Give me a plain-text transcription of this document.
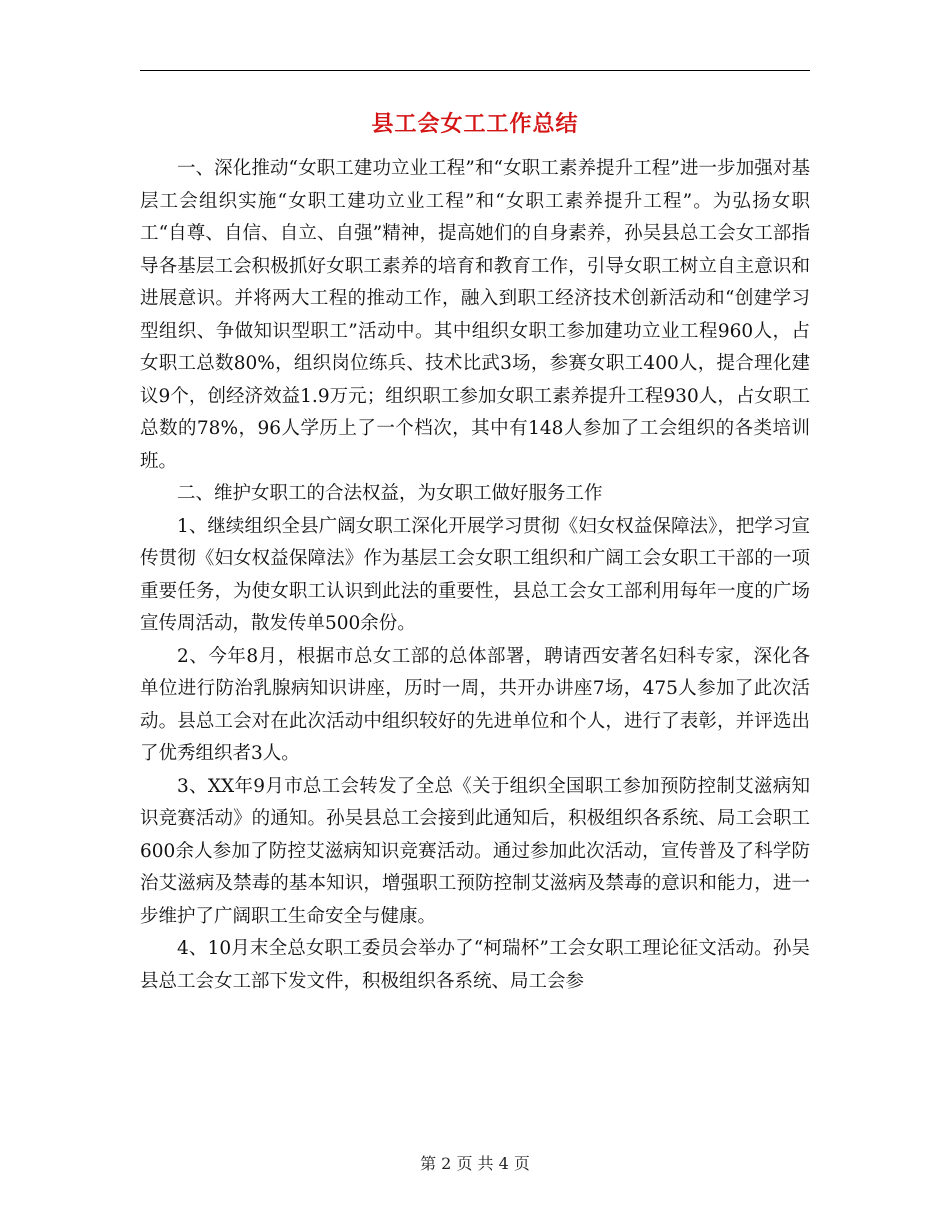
县工会女工工作总结

一、深化推动“女职工建功立业工程”和“女职工素养提升工程”进一步加强对基层工会组织实施“女职工建功立业工程”和“女职工素养提升工程”。为弘扬女职工“自尊、自信、自立、自强”精神，提高她们的自身素养，孙吴县总工会女工部指导各基层工会积极抓好女职工素养的培育和教育工作，引导女职工树立自主意识和进展意识。并将两大工程的推动工作，融入到职工经济技术创新活动和“创建学习型组织、争做知识型职工”活动中。其中组织女职工参加建功立业工程960人，占女职工总数80%，组织岗位练兵、技术比武3场，参赛女职工400人，提合理化建议9个，创经济效益1.9万元；组织职工参加女职工素养提升工程930人，占女职工总数的78%，96人学历上了一个档次，其中有148人参加了工会组织的各类培训班。

二、维护女职工的合法权益，为女职工做好服务工作

1、继续组织全县广阔女职工深化开展学习贯彻《妇女权益保障法》，把学习宣传贯彻《妇女权益保障法》作为基层工会女职工组织和广阔工会女职工干部的一项重要任务，为使女职工认识到此法的重要性，县总工会女工部利用每年一度的广场宣传周活动，散发传单500余份。

2、今年8月，根据市总女工部的总体部署，聘请西安著名妇科专家，深化各单位进行防治乳腺病知识讲座，历时一周，共开办讲座7场，475人参加了此次活动。县总工会对在此次活动中组织较好的先进单位和个人，进行了表彰，并评选出了优秀组织者3人。

3、XX年9月市总工会转发了全总《关于组织全国职工参加预防控制艾滋病知识竞赛活动》的通知。孙吴县总工会接到此通知后，积极组织各系统、局工会职工600余人参加了防控艾滋病知识竞赛活动。通过参加此次活动，宣传普及了科学防治艾滋病及禁毒的基本知识，增强职工预防控制艾滋病及禁毒的意识和能力，进一步维护了广阔职工生命安全与健康。

4、10月末全总女职工委员会举办了“柯瑞杯”工会女职工理论征文活动。孙吴县总工会女工部下发文件，积极组织各系统、局工会参

第 2 页 共 4 页
